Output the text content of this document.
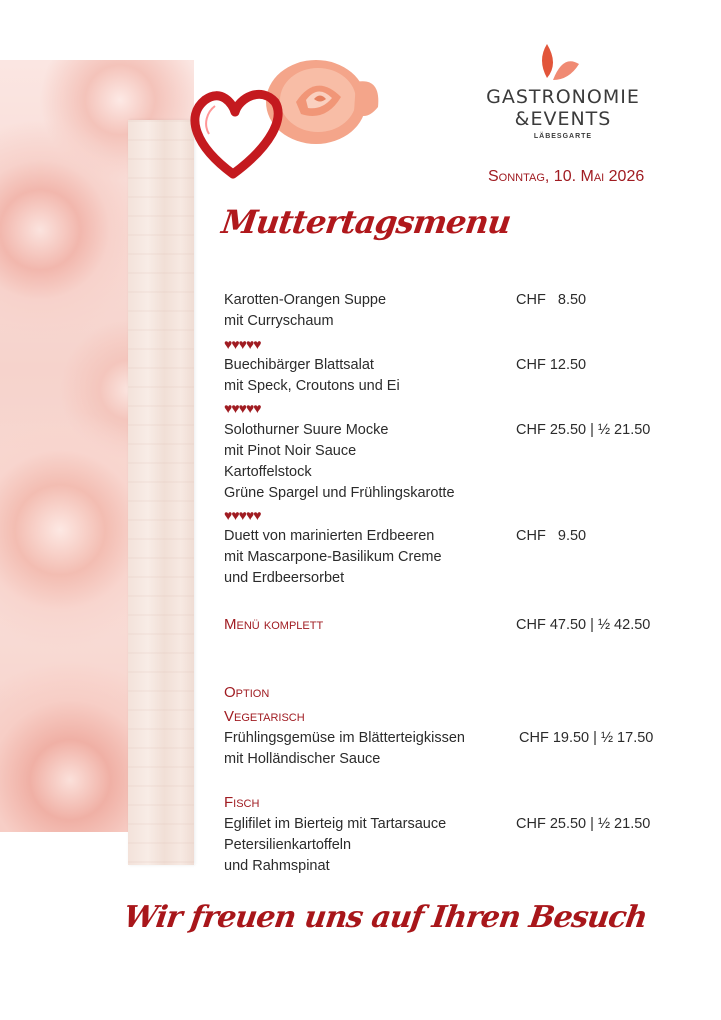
GASTRONOMIE
&EVENTS
LÄBESGARTE
Sonntag, 10. Mai 2026
Muttertagsmenu
Karotten-Orangen Suppe
mit Curryschaum
CHF   8.50
♥♥♥♥♥
Buechibärger Blattsalat
mit Speck, Croutons und Ei
CHF 12.50
♥♥♥♥♥
Solothurner Suure Mocke
mit Pinot Noir Sauce
Kartoffelstock
Grüne Spargel und Frühlingskarotte
CHF 25.50 | ½ 21.50
♥♥♥♥♥
Duett von marinierten Erdbeeren
mit Mascarpone-Basilikum Creme
und Erdbeersorbet
CHF   9.50
Menü komplett	CHF 47.50 | ½ 42.50
Option
Vegetarisch
Frühlingsgemüse im Blätterteigkissen
mit Holländischer Sauce
CHF 19.50 | ½ 17.50
Fisch
Eglifilet im Bierteig mit Tartarsauce
Petersilienkartoffeln
und Rahmspinat
CHF 25.50 | ½ 21.50
Wir freuen uns auf Ihren Besuch
